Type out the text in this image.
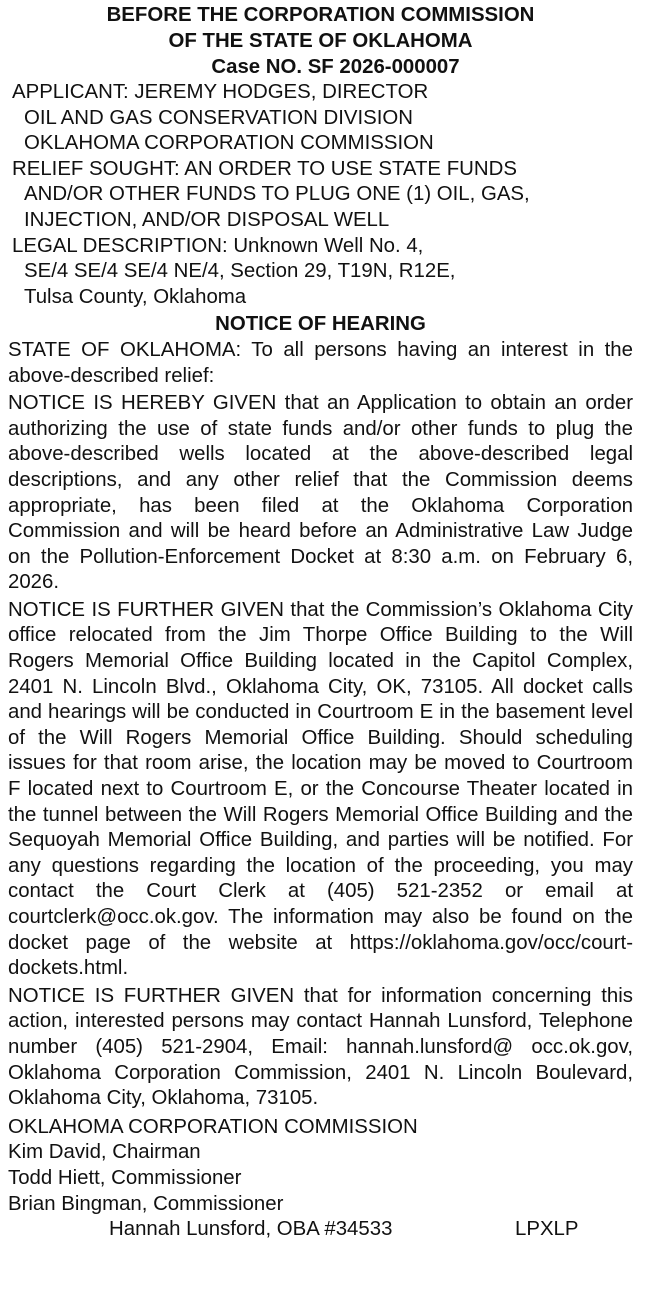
BEFORE THE CORPORATION COMMISSION
OF THE STATE OF OKLAHOMA
Case NO. SF 2026-000007
APPLICANT: JEREMY HODGES, DIRECTOR
OIL AND GAS CONSERVATION DIVISION
OKLAHOMA CORPORATION COMMISSION
RELIEF SOUGHT: AN ORDER TO USE STATE FUNDS
AND/OR OTHER FUNDS TO PLUG ONE (1) OIL, GAS,
INJECTION, AND/OR DISPOSAL WELL
LEGAL DESCRIPTION: Unknown Well No. 4,
SE/4 SE/4 SE/4 NE/4, Section 29, T19N, R12E,
Tulsa County, Oklahoma
NOTICE OF HEARING
STATE OF OKLAHOMA: To all persons having an interest in the above-described relief:
NOTICE IS HEREBY GIVEN that an Application to obtain an order authorizing the use of state funds and/or other funds to plug the above-described wells located at the above-described legal descriptions, and any other relief that the Commission deems appropriate, has been filed at the Oklahoma Corporation Commission and will be heard before an Administrative Law Judge on the Pollution-Enforcement Docket at 8:30 a.m. on February 6, 2026.
NOTICE IS FURTHER GIVEN that the Commission’s Oklahoma City office relocated from the Jim Thorpe Office Building to the Will Rogers Memorial Office Building located in the Capitol Complex, 2401 N. Lincoln Blvd., Oklahoma City, OK, 73105. All docket calls and hearings will be conducted in Courtroom E in the basement level of the Will Rogers Memorial Office Building. Should scheduling issues for that room arise, the location may be moved to Courtroom F located next to Courtroom E, or the Concourse Theater located in the tunnel between the Will Rogers Memorial Office Building and the Sequoyah Memorial Office Building, and parties will be notified. For any questions regarding the location of the proceeding, you may contact the Court Clerk at (405) 521-2352 or email at courtclerk@occ.ok.gov. The information may also be found on the docket page of the website at https://oklahoma.gov/occ/court-dockets.html.
NOTICE IS FURTHER GIVEN that for information concerning this action, interested persons may contact Hannah Lunsford, Telephone number (405) 521-2904, Email: hannah.lunsford@ occ.ok.gov, Oklahoma Corporation Commission, 2401 N. Lincoln Boulevard, Oklahoma City, Oklahoma, 73105.
OKLAHOMA CORPORATION COMMISSION
Kim David, Chairman
Todd Hiett, Commissioner
Brian Bingman, Commissioner
Hannah Lunsford, OBA #34533	LPXLP
